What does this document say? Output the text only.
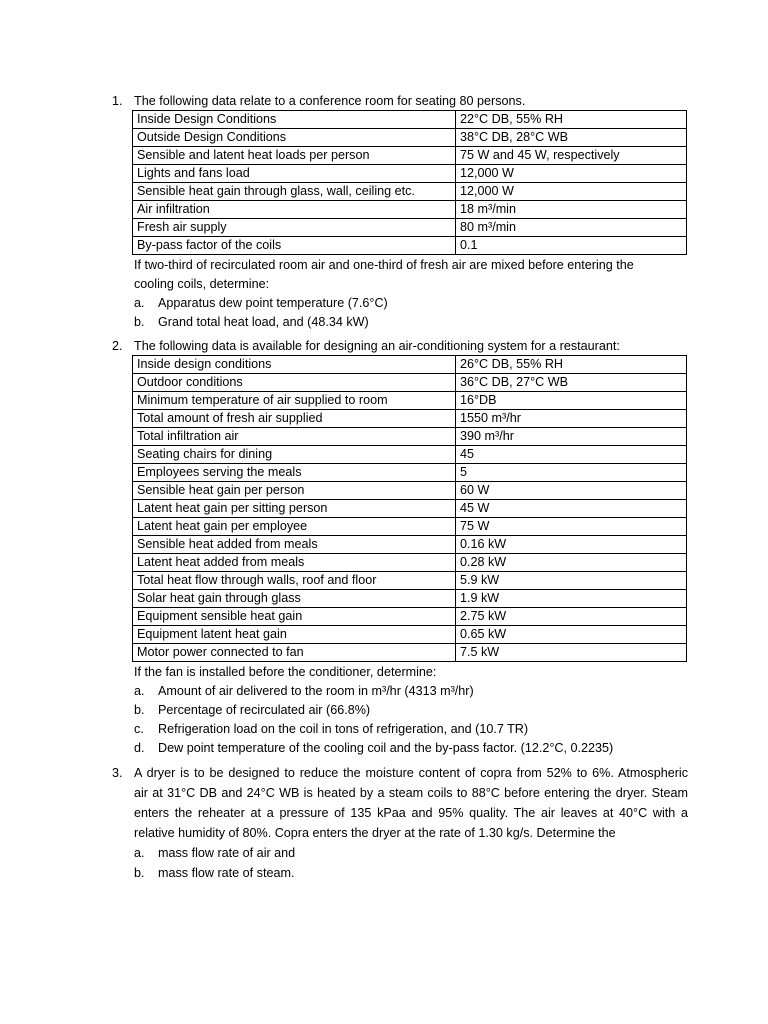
1. The following data relate to a conference room for seating 80 persons.
Inside Design Conditions	22°C DB, 55% RH
Outside Design Conditions	38°C DB, 28°C WB
Sensible and latent heat loads per person	75 W and 45 W, respectively
Lights and fans load	12,000 W
Sensible heat gain through glass, wall, ceiling etc.	12,000 W
Air infiltration	18 m³/min
Fresh air supply	80 m³/min
By-pass factor of the coils	0.1
If two-third of recirculated room air and one-third of fresh air are mixed before entering the
cooling coils, determine:
a.	Apparatus dew point temperature (7.6°C)
b.	Grand total heat load, and (48.34 kW)
2. The following data is available for designing an air-conditioning system for a restaurant:
Inside design conditions	26°C DB, 55% RH
Outdoor conditions	36°C DB, 27°C WB
Minimum temperature of air supplied to room	16°DB
Total amount of fresh air supplied	1550 m³/hr
Total infiltration air	390 m³/hr
Seating chairs for dining	45
Employees serving the meals	5
Sensible heat gain per person	60 W
Latent heat gain per sitting person	45 W
Latent heat gain per employee	75 W
Sensible heat added from meals	0.16 kW
Latent heat added from meals	0.28 kW
Total heat flow through walls, roof and floor	5.9 kW
Solar heat gain through glass	1.9 kW
Equipment sensible heat gain	2.75 kW
Equipment latent heat gain	0.65 kW
Motor power connected to fan	7.5 kW
If the fan is installed before the conditioner, determine:
a.	Amount of air delivered to the room in m³/hr (4313 m³/hr)
b.	Percentage of recirculated air (66.8%)
c.	Refrigeration load on the coil in tons of refrigeration, and (10.7 TR)
d.	Dew point temperature of the cooling coil and the by-pass factor. (12.2°C, 0.2235)
3. A dryer is to be designed to reduce the moisture content of copra from 52% to 6%. Atmospheric
air at 31°C DB and 24°C WB is heated by a steam coils to 88°C before entering the dryer. Steam
enters the reheater at a pressure of 135 kPaa and 95% quality. The air leaves at 40°C with a
relative humidity of 80%. Copra enters the dryer at the rate of 1.30 kg/s. Determine the
a.	mass flow rate of air and
b.	mass flow rate of steam.
